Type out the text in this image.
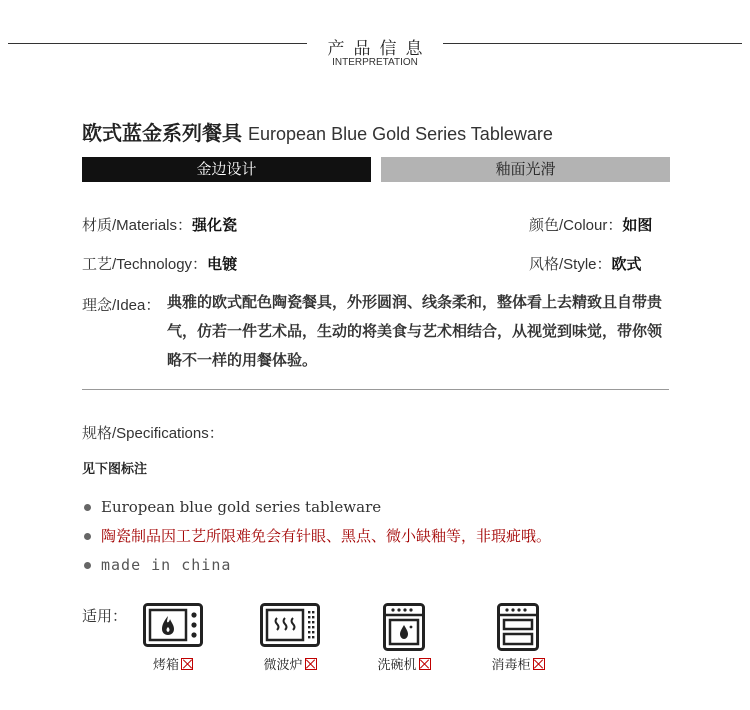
产品信息
INTERPRETATION
欧式蓝金系列餐具 European Blue Gold Series Tableware
金边设计	釉面光滑
材质/Materials：强化瓷	颜色/Colour：如图
工艺/Technology：电镀	风格/Style：欧式
理念/Idea： 典雅的欧式配色陶瓷餐具，外形圆润、线条柔和，整体看上去精致且自带贵气，仿若一件艺术品，生动的将美食与艺术相结合，从视觉到味觉，带你领略不一样的用餐体验。
规格/Specifications：
见下图标注
European blue gold series tableware
陶瓷制品因工艺所限难免会有针眼、黑点、微小缺釉等，非瑕疵哦。
made in china
适用：
烤箱	微波炉	洗碗机	消毒柜
